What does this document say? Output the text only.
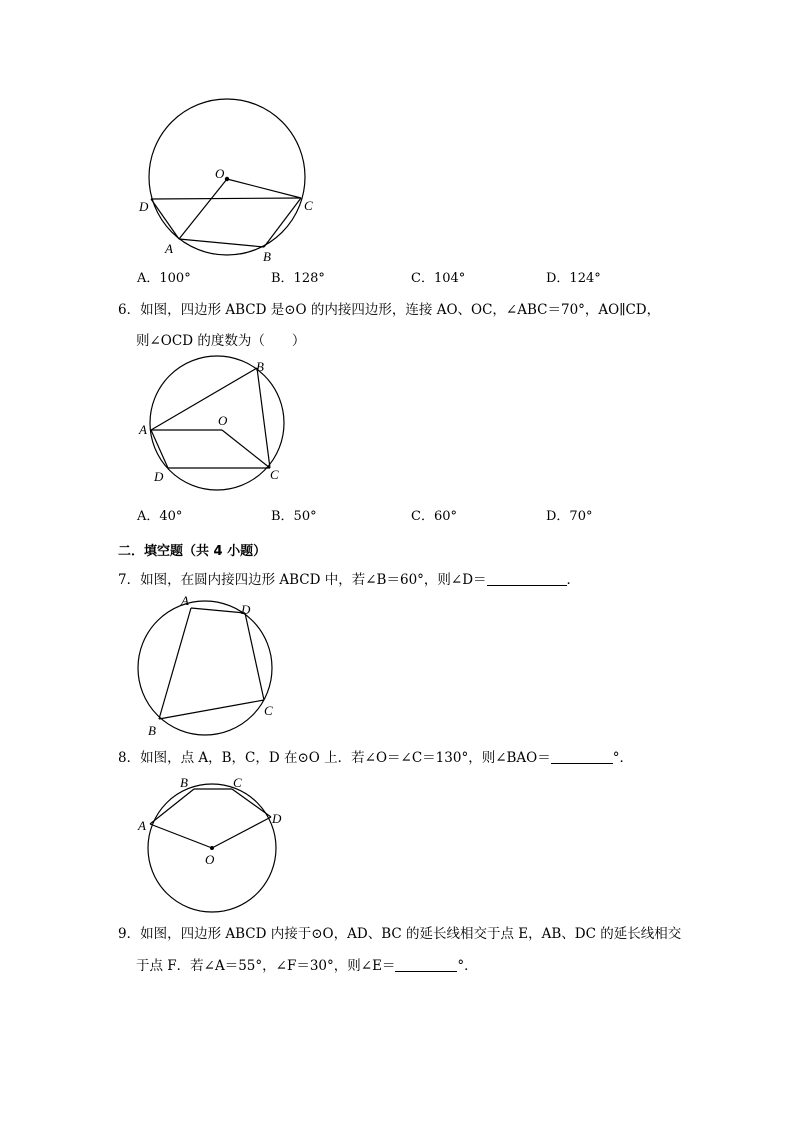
O
D	C
A
B
A．100°	B．128°	C．104°	D．124°
6．如图，四边形 ABCD 是⊙O 的内接四边形，连接 AO、OC，∠ABC＝70°，AO∥CD，
则∠OCD 的度数为（　　）
B
A
O
D	C
A．40°	B．50°	C．60°	D．70°
二．填空题（共 4 小题）
7．如图，在圆内接四边形 ABCD 中，若∠B＝60°，则∠D＝	．
A
D
B
C
8．如图，点 A，B，C，D 在⊙O 上．若∠O＝∠C＝130°，则∠BAO＝	°．
B	C
A	D
O
9．如图，四边形 ABCD 内接于⊙O，AD、BC 的延长线相交于点 E，AB、DC 的延长线相交
于点 F．若∠A＝55°，∠F＝30°，则∠E＝	°．
